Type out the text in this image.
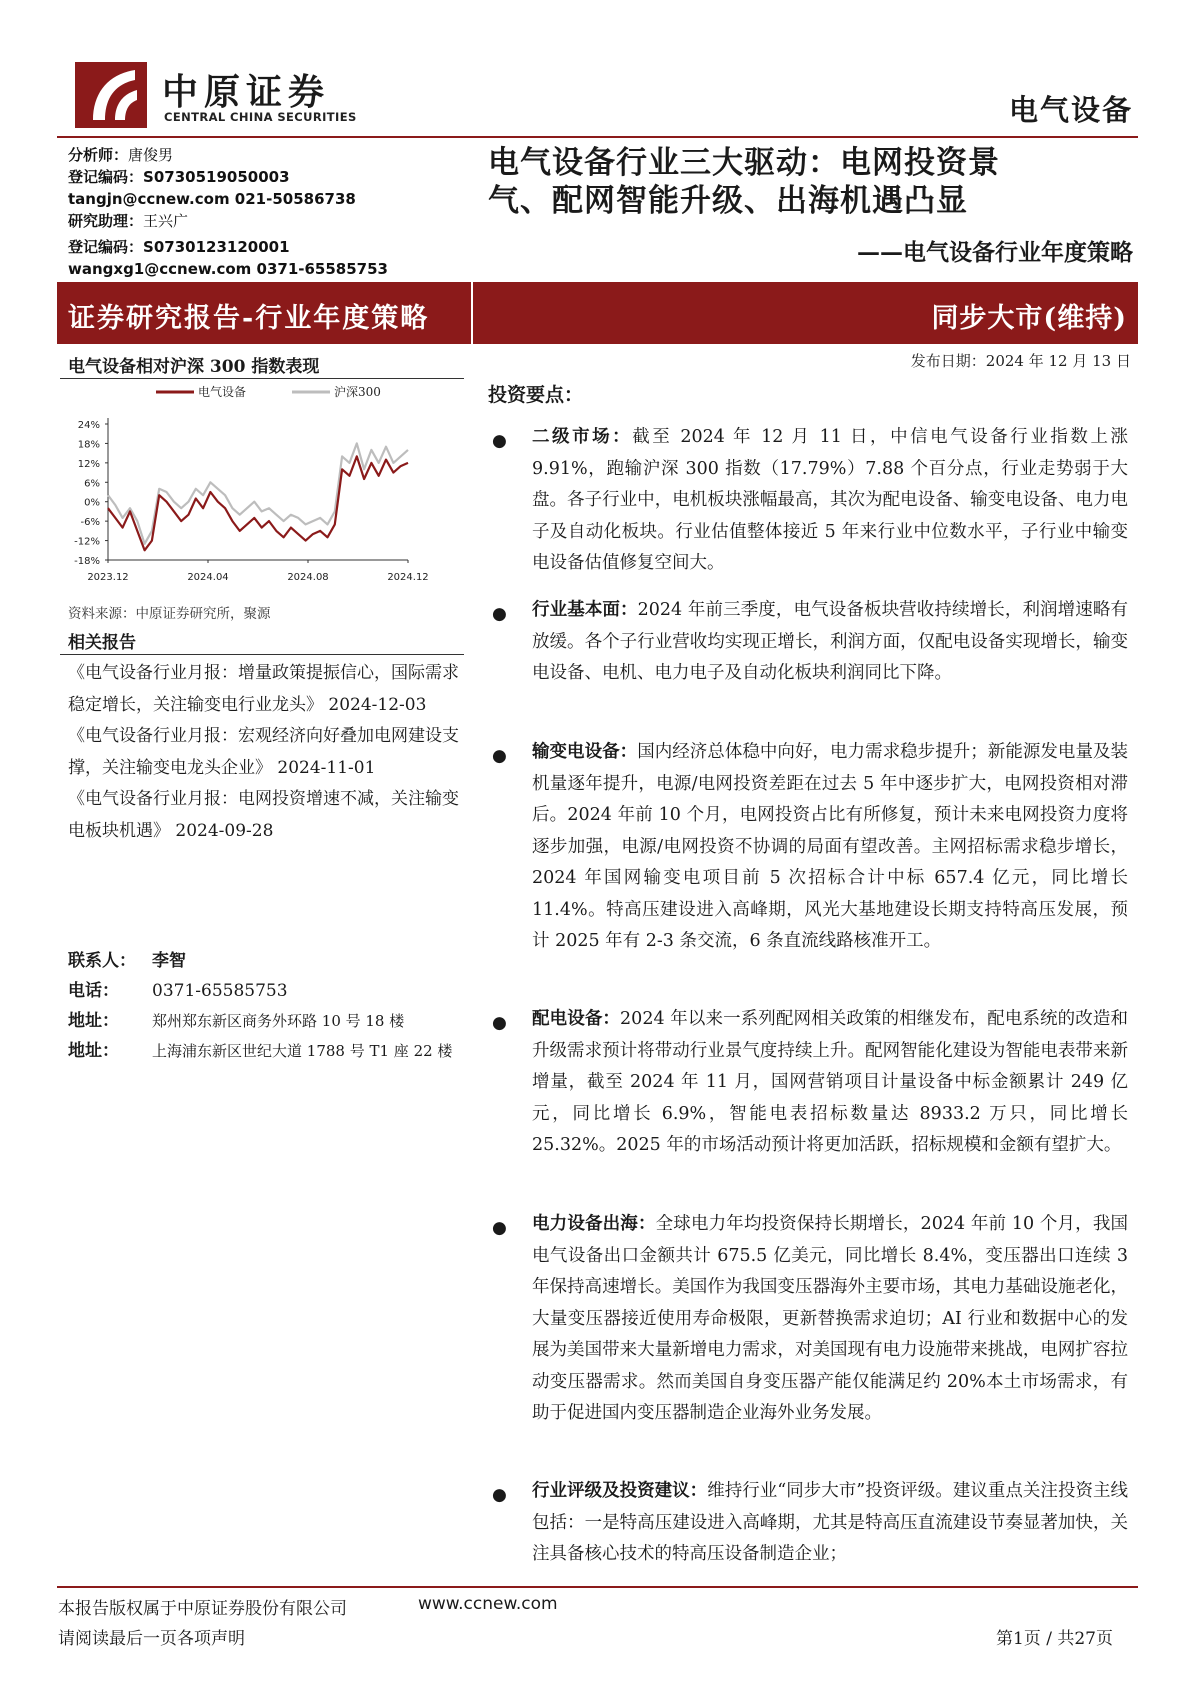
中原证券
CENTRAL CHINA SECURITIES	电气设备
分析师：唐俊男
登记编码：S0730519050003
tangjn@ccnew.com 021-50586738
研究助理：王兴广
登记编码：S0730123120001
wangxg1@ccnew.com 0371-65585753
电气设备行业三大驱动：电网投资景
气、配网智能升级、出海机遇凸显
——电气设备行业年度策略
证券研究报告-行业年度策略	同步大市(维持)
电气设备相对沪深 300 指数表现
24%
18%
12%
6%
0%
-6%
-12%
-18%
2023.12	2024.04	2024.08	2024.12
电气设备	沪深300
资料来源：中原证券研究所，聚源
相关报告
《电气设备行业月报：增量政策提振信心，国际需求稳定增长，关注输变电行业龙头》 2024-12-03
《电气设备行业月报：宏观经济向好叠加电网建设支撑，关注输变电龙头企业》 2024-11-01
《电气设备行业月报：电网投资增速不减，关注输变电板块机遇》 2024-09-28
联系人： 李智
电话： 0371-65585753
地址： 郑州郑东新区商务外环路 10 号 18 楼
地址： 上海浦东新区世纪大道 1788 号 T1 座 22 楼
发布日期：2024 年 12 月 13 日
投资要点：
● 二级市场：截至 2024 年 12 月 11 日，中信电气设备行业指数上涨 9.91%，跑输沪深 300 指数（17.79%）7.88 个百分点，行业走势弱于大盘。各子行业中，电机板块涨幅最高，其次为配电设备、输变电设备、电力电子及自动化板块。行业估值整体接近 5 年来行业中位数水平，子行业中输变电设备估值修复空间大。
● 行业基本面：2024 年前三季度，电气设备板块营收持续增长，利润增速略有放缓。各个子行业营收均实现正增长，利润方面，仅配电设备实现增长，输变电设备、电机、电力电子及自动化板块利润同比下降。
● 输变电设备：国内经济总体稳中向好，电力需求稳步提升；新能源发电量及装机量逐年提升，电源/电网投资差距在过去 5 年中逐步扩大，电网投资相对滞后。2024 年前 10 个月，电网投资占比有所修复，预计未来电网投资力度将逐步加强，电源/电网投资不协调的局面有望改善。主网招标需求稳步增长，2024 年国网输变电项目前 5 次招标合计中标 657.4 亿元，同比增长 11.4%。特高压建设进入高峰期，风光大基地建设长期支持特高压发展，预计 2025 年有 2-3 条交流，6 条直流线路核准开工。
● 配电设备：2024 年以来一系列配网相关政策的相继发布，配电系统的改造和升级需求预计将带动行业景气度持续上升。配网智能化建设为智能电表带来新增量，截至 2024 年 11 月，国网营销项目计量设备中标金额累计 249 亿元，同比增长 6.9%，智能电表招标数量达 8933.2 万只，同比增长 25.32%。2025 年的市场活动预计将更加活跃，招标规模和金额有望扩大。
● 电力设备出海：全球电力年均投资保持长期增长，2024 年前 10 个月，我国电气设备出口金额共计 675.5 亿美元，同比增长 8.4%，变压器出口连续 3 年保持高速增长。美国作为我国变压器海外主要市场，其电力基础设施老化，大量变压器接近使用寿命极限，更新替换需求迫切；AI 行业和数据中心的发展为美国带来大量新增电力需求，对美国现有电力设施带来挑战，电网扩容拉动变压器需求。然而美国自身变压器产能仅能满足约 20%本土市场需求，有助于促进国内变压器制造企业海外业务发展。
● 行业评级及投资建议：维持行业“同步大市”投资评级。建议重点关注投资主线包括：一是特高压建设进入高峰期，尤其是特高压直流建设节奏显著加快，关注具备核心技术的特高压设备制造企业；
本报告版权属于中原证券股份有限公司	www.ccnew.com
请阅读最后一页各项声明	第1页 / 共27页
